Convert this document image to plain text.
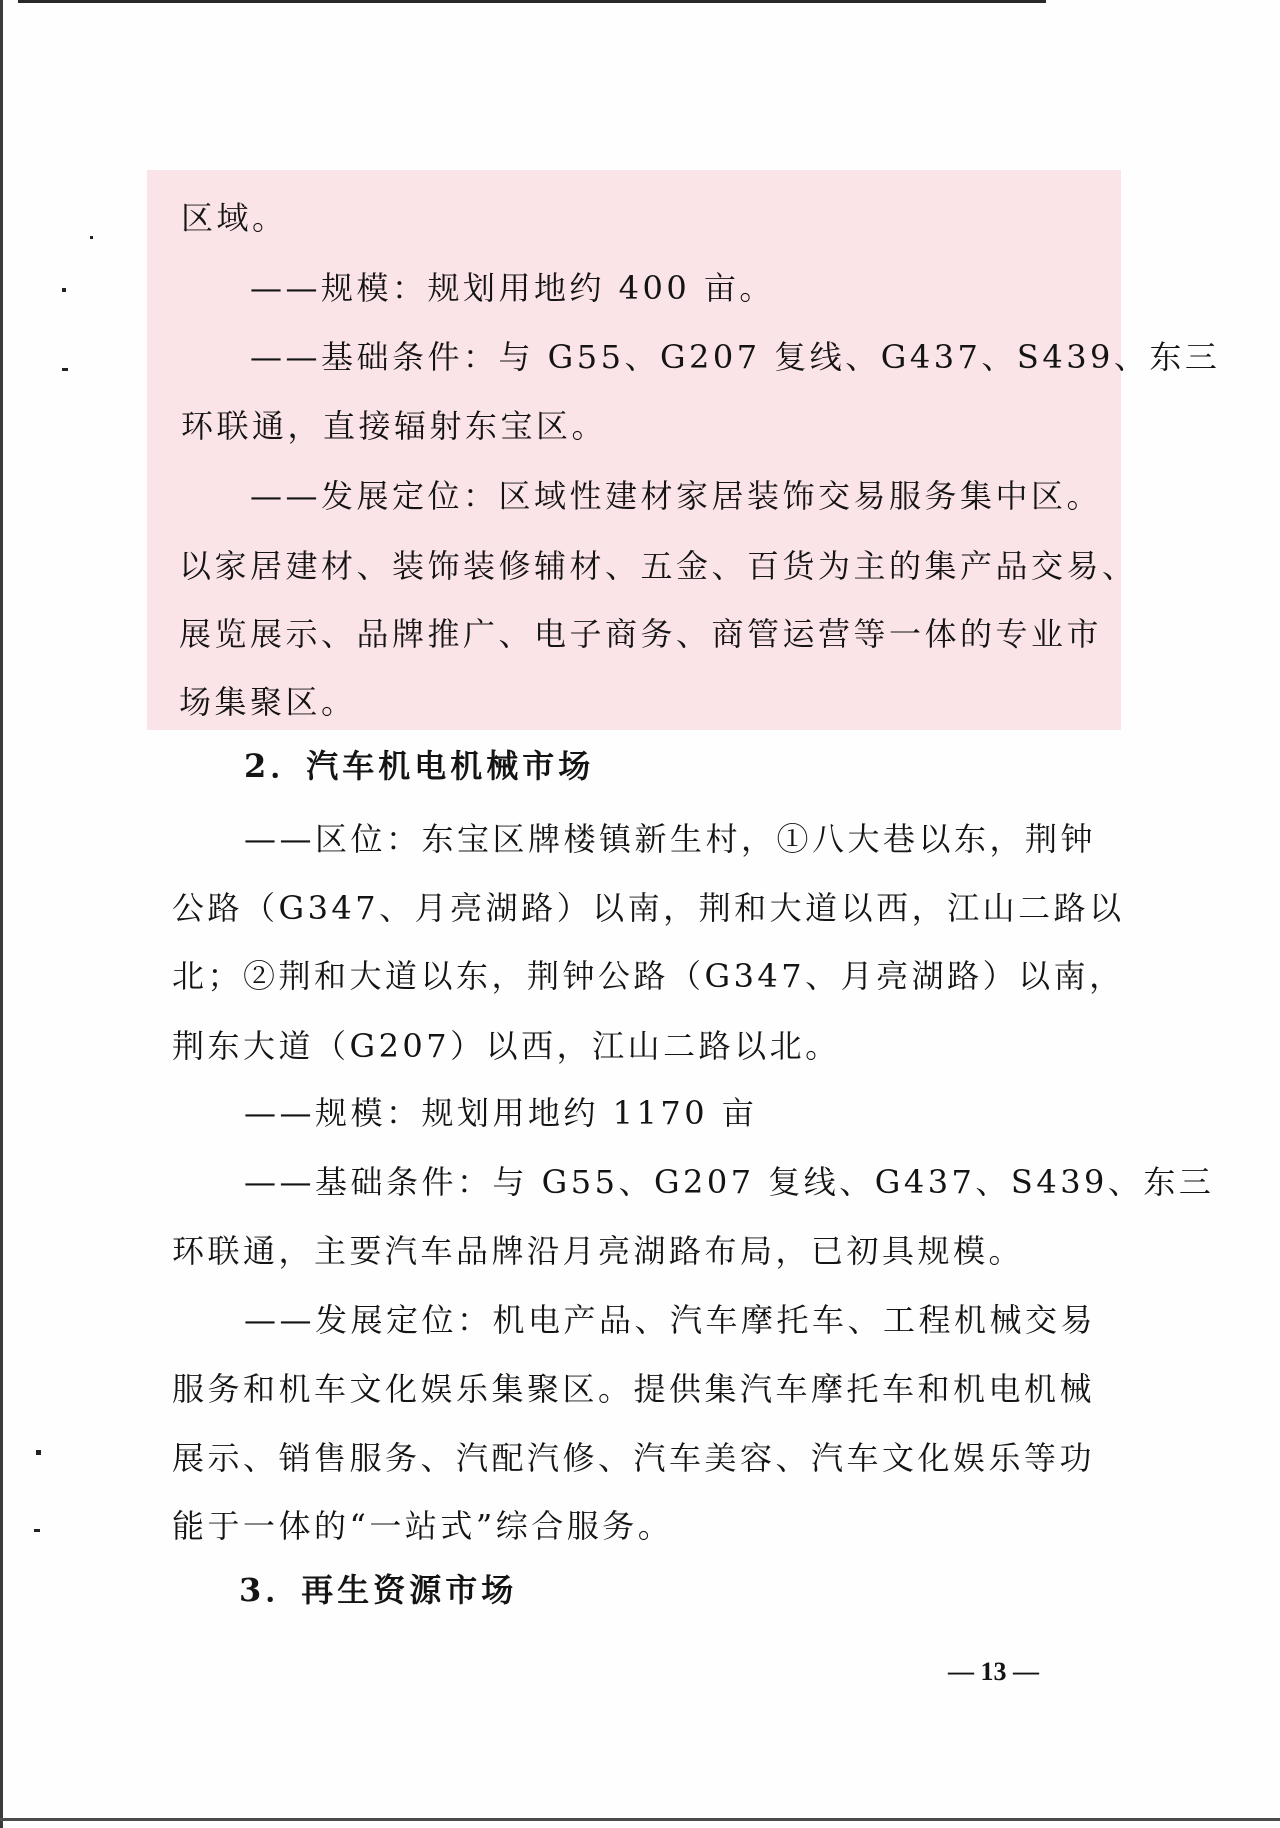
区域。
——规模：规划用地约 400 亩。
——基础条件：与 G55、G207 复线、G437、S439、东三
环联通，直接辐射东宝区。
——发展定位：区域性建材家居装饰交易服务集中区。
以家居建材、装饰装修辅材、五金、百货为主的集产品交易、
展览展示、品牌推广、电子商务、商管运营等一体的专业市
场集聚区。
2．汽车机电机械市场
——区位：东宝区牌楼镇新生村，①八大巷以东，荆钟
公路（G347、月亮湖路）以南，荆和大道以西，江山二路以
北；②荆和大道以东，荆钟公路（G347、月亮湖路）以南，
荆东大道（G207）以西，江山二路以北。
——规模：规划用地约 1170 亩
——基础条件：与 G55、G207 复线、G437、S439、东三
环联通，主要汽车品牌沿月亮湖路布局，已初具规模。
——发展定位：机电产品、汽车摩托车、工程机械交易
服务和机车文化娱乐集聚区。提供集汽车摩托车和机电机械
展示、销售服务、汽配汽修、汽车美容、汽车文化娱乐等功
能于一体的“一站式”综合服务。
3．再生资源市场
— 13 —
